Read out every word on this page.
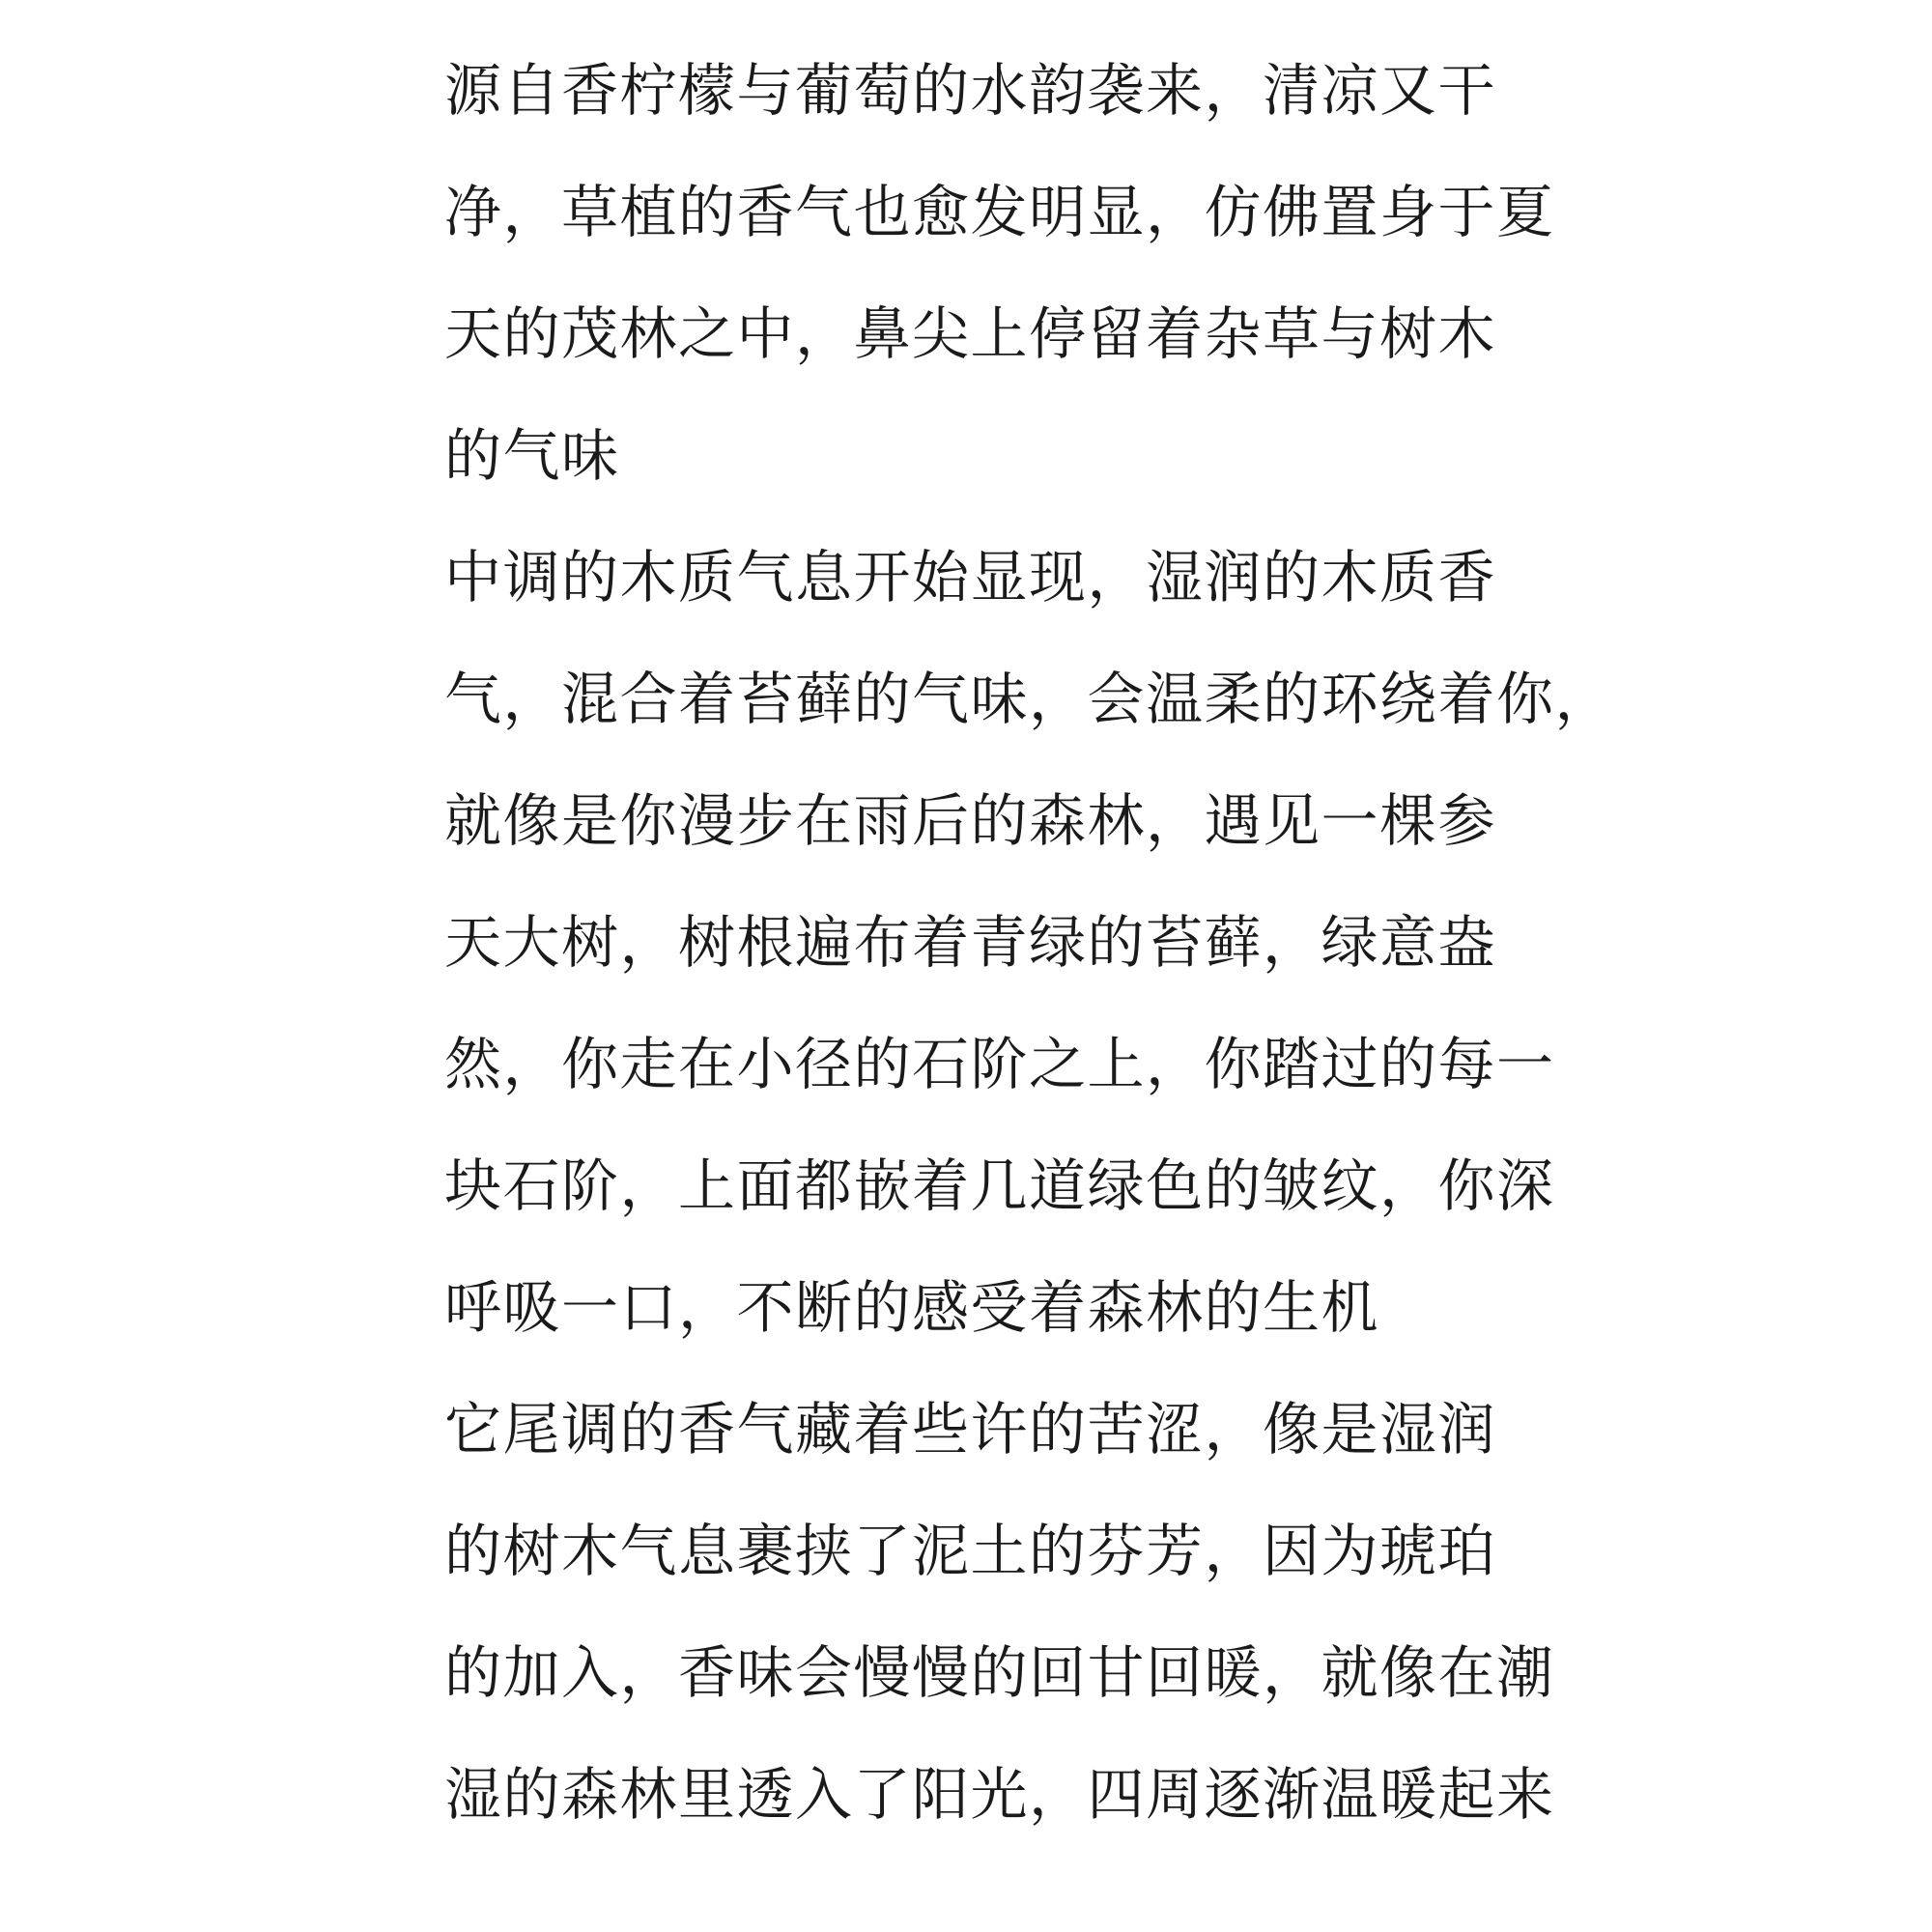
源自香柠檬与葡萄的水韵袭来，清凉又干
净，草植的香气也愈发明显，仿佛置身于夏
天的茂林之中，鼻尖上停留着杂草与树木
的气味
中调的木质气息开始显现，湿润的木质香
气，混合着苔藓的气味，会温柔的环绕着你，
就像是你漫步在雨后的森林，遇见一棵参
天大树，树根遍布着青绿的苔藓，绿意盎
然，你走在小径的石阶之上，你踏过的每一
块石阶，上面都嵌着几道绿色的皱纹，你深
呼吸一口，不断的感受着森林的生机
它尾调的香气藏着些许的苦涩，像是湿润
的树木气息裹挟了泥土的芬芳，因为琥珀
的加入，香味会慢慢的回甘回暖，就像在潮
湿的森林里透入了阳光，四周逐渐温暖起来
